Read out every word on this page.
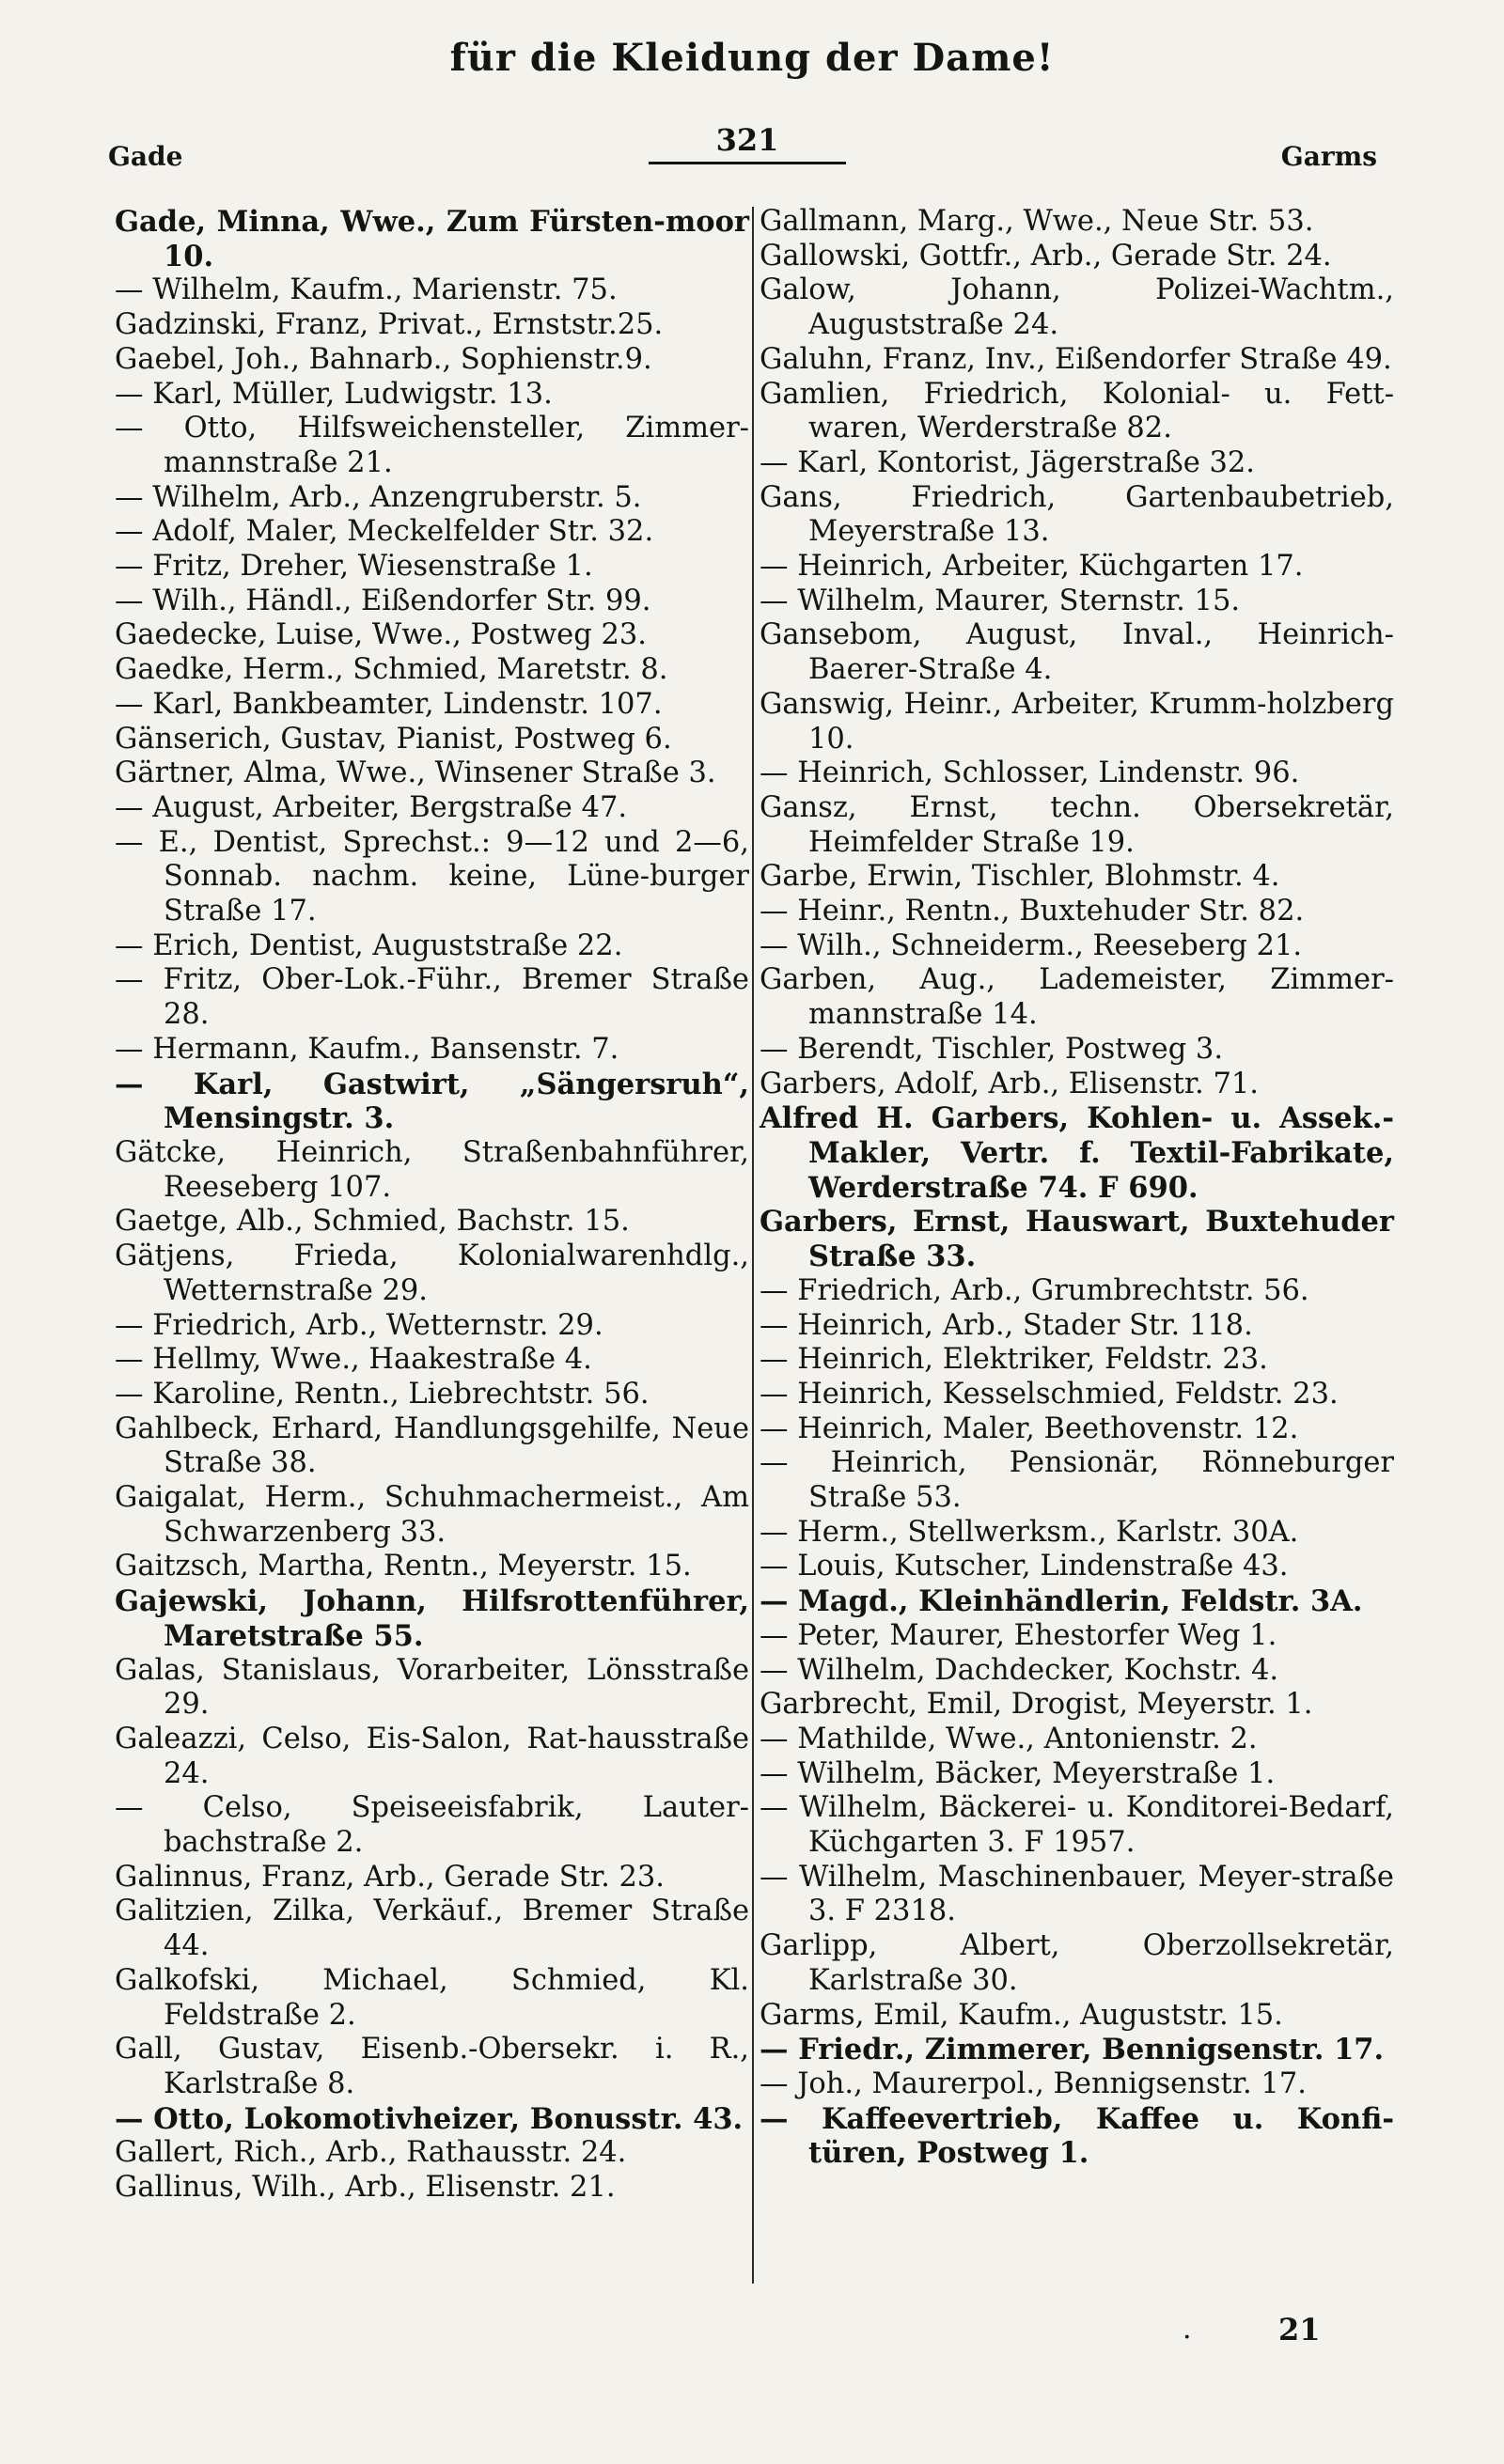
für die Kleidung der Dame!
Gade	321	Garms
Gade, Minna, Wwe., Zum Fürsten-moor 10.
— Wilhelm, Kaufm., Marienstr. 75.
Gadzinski, Franz, Privat., Ernststr.25.
Gaebel, Joh., Bahnarb., Sophienstr.9.
— Karl, Müller, Ludwigstr. 13.
— Otto, Hilfsweichensteller, Zimmer-mannstraße 21.
— Wilhelm, Arb., Anzengruberstr. 5.
— Adolf, Maler, Meckelfelder Str. 32.
— Fritz, Dreher, Wiesenstraße 1.
— Wilh., Händl., Eißendorfer Str. 99.
Gaedecke, Luise, Wwe., Postweg 23.
Gaedke, Herm., Schmied, Maretstr. 8.
— Karl, Bankbeamter, Lindenstr. 107.
Gänserich, Gustav, Pianist, Postweg 6.
Gärtner, Alma, Wwe., Winsener Straße 3.
— August, Arbeiter, Bergstraße 47.
— E., Dentist, Sprechst.: 9—12 und 2—6, Sonnab. nachm. keine, Lüne-burger Straße 17.
— Erich, Dentist, Auguststraße 22.
— Fritz, Ober-Lok.-Führ., Bremer Straße 28.
— Hermann, Kaufm., Bansenstr. 7.
— Karl, Gastwirt, „Sängersruh“, Mensingstr. 3.
Gätcke, Heinrich, Straßenbahnführer, Reeseberg 107.
Gaetge, Alb., Schmied, Bachstr. 15.
Gätjens, Frieda, Kolonialwarenhdlg., Wetternstraße 29.
— Friedrich, Arb., Wetternstr. 29.
— Hellmy, Wwe., Haakestraße 4.
— Karoline, Rentn., Liebrechtstr. 56.
Gahlbeck, Erhard, Handlungsgehilfe, Neue Straße 38.
Gaigalat, Herm., Schuhmachermeist., Am Schwarzenberg 33.
Gaitzsch, Martha, Rentn., Meyerstr. 15.
Gajewski, Johann, Hilfsrottenführer, Maretstraße 55.
Galas, Stanislaus, Vorarbeiter, Lönsstraße 29.
Galeazzi, Celso, Eis-Salon, Rat-hausstraße 24.
— Celso, Speiseeisfabrik, Lauter-bachstraße 2.
Galinnus, Franz, Arb., Gerade Str. 23.
Galitzien, Zilka, Verkäuf., Bremer Straße 44.
Galkofski, Michael, Schmied, Kl. Feldstraße 2.
Gall, Gustav, Eisenb.-Obersekr. i. R., Karlstraße 8.
— Otto, Lokomotivheizer, Bonusstr. 43.
Gallert, Rich., Arb., Rathausstr. 24.
Gallinus, Wilh., Arb., Elisenstr. 21.
Gallmann, Marg., Wwe., Neue Str. 53.
Gallowski, Gottfr., Arb., Gerade Str. 24.
Galow, Johann, Polizei-Wachtm., Auguststraße 24.
Galuhn, Franz, Inv., Eißendorfer Straße 49.
Gamlien, Friedrich, Kolonial- u. Fett-waren, Werderstraße 82.
— Karl, Kontorist, Jägerstraße 32.
Gans, Friedrich, Gartenbaubetrieb, Meyerstraße 13.
— Heinrich, Arbeiter, Küchgarten 17.
— Wilhelm, Maurer, Sternstr. 15.
Gansebom, August, Inval., Heinrich-Baerer-Straße 4.
Ganswig, Heinr., Arbeiter, Krumm-holzberg 10.
— Heinrich, Schlosser, Lindenstr. 96.
Gansz, Ernst, techn. Obersekretär, Heimfelder Straße 19.
Garbe, Erwin, Tischler, Blohmstr. 4.
— Heinr., Rentn., Buxtehuder Str. 82.
— Wilh., Schneiderm., Reeseberg 21.
Garben, Aug., Lademeister, Zimmer-mannstraße 14.
— Berendt, Tischler, Postweg 3.
Garbers, Adolf, Arb., Elisenstr. 71.
Alfred H. Garbers, Kohlen- u. Assek.-Makler, Vertr. f. Textil-Fabrikate, Werderstraße 74. F 690.
Garbers, Ernst, Hauswart, Buxtehuder Straße 33.
— Friedrich, Arb., Grumbrechtstr. 56.
— Heinrich, Arb., Stader Str. 118.
— Heinrich, Elektriker, Feldstr. 23.
— Heinrich, Kesselschmied, Feldstr. 23.
— Heinrich, Maler, Beethovenstr. 12.
— Heinrich, Pensionär, Rönneburger Straße 53.
— Herm., Stellwerksm., Karlstr. 30A.
— Louis, Kutscher, Lindenstraße 43.
— Magd., Kleinhändlerin, Feldstr. 3A.
— Peter, Maurer, Ehestorfer Weg 1.
— Wilhelm, Dachdecker, Kochstr. 4.
Garbrecht, Emil, Drogist, Meyerstr. 1.
— Mathilde, Wwe., Antonienstr. 2.
— Wilhelm, Bäcker, Meyerstraße 1.
— Wilhelm, Bäckerei- u. Konditorei-Bedarf, Küchgarten 3. F 1957.
— Wilhelm, Maschinenbauer, Meyer-straße 3. F 2318.
Garlipp, Albert, Oberzollsekretär, Karlstraße 30.
Garms, Emil, Kaufm., Auguststr. 15.
— Friedr., Zimmerer, Bennigsenstr. 17.
— Joh., Maurerpol., Bennigsenstr. 17.
— Kaffeevertrieb, Kaffee u. Konfi-türen, Postweg 1.
·	21
